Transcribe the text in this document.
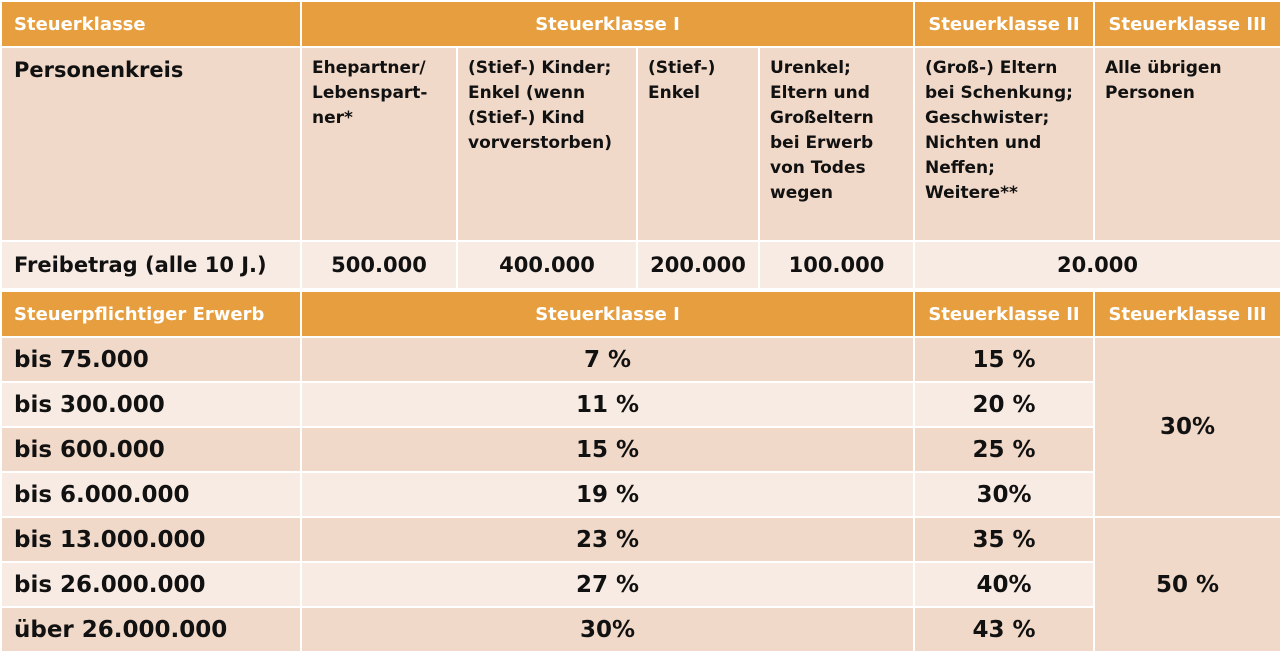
Steuerklasse	Steuerklasse I				Steuerklasse II	Steuerklasse III
Personenkreis	Ehepartner/ Lebenspart-ner*	(Stief-) Kinder; Enkel (wenn (Stief-) Kind vorverstorben)	(Stief-) Enkel	Urenkel; Eltern und Großeltern bei Erwerb von Todes wegen	(Groß-) Eltern bei Schenkung; Geschwister; Nichten und Neffen; Weitere**	Alle übrigen Personen
Freibetrag (alle 10 J.)	500.000	400.000	200.000	100.000	20.000	
Steuerpflichtiger Erwerb	Steuerklasse I	Steuerklasse II	Steuerklasse III
bis 75.000	7 %	15 %	30%
bis 300.000	11 %	20 %	
bis 600.000	15 %	25 %	
bis 6.000.000	19 %	30%	
bis 13.000.000	23 %	35 %	50 %
bis 26.000.000	27 %	40%	
über 26.000.000	30%	43 %	
